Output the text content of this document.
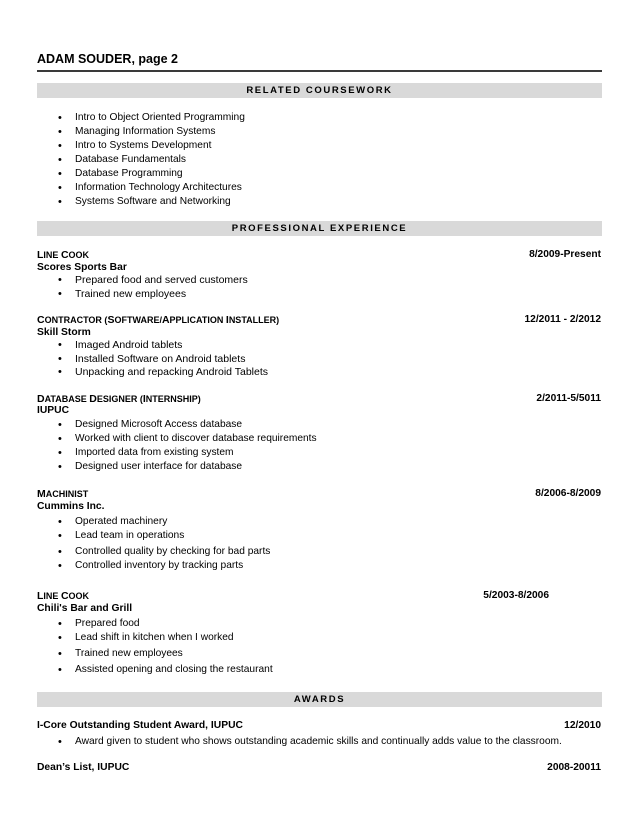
ADAM SOUDER, page 2
RELATED COURSEWORK
• Intro to Object Oriented Programming
• Managing Information Systems
• Intro to Systems Development
• Database Fundamentals
• Database Programming
• Information Technology Architectures
• Systems Software and Networking
PROFESSIONAL EXPERIENCE
LINE COOK	8/2009-Present
Scores Sports Bar
• Prepared food and served customers
• Trained new employees
CONTRACTOR (SOFTWARE/APPLICATION INSTALLER)	12/2011 - 2/2012
Skill Storm
• Imaged Android tablets
• Installed Software on Android tablets
• Unpacking and repacking Android Tablets
DATABASE DESIGNER (INTERNSHIP)	2/2011-5/5011
IUPUC
• Designed Microsoft Access database
• Worked with client to discover database requirements
• Imported data from existing system
• Designed user interface for database
MACHINIST	8/2006-8/2009
Cummins Inc.
• Operated machinery
• Lead team in operations
• Controlled quality by checking for bad parts
• Controlled inventory by tracking parts
LINE COOK	5/2003-8/2006
Chili's Bar and Grill
• Prepared food
• Lead shift in kitchen when I worked
• Trained new employees
• Assisted opening and closing the restaurant
AWARDS
I-Core Outstanding Student Award, IUPUC	12/2010
• Award given to student who shows outstanding academic skills and continually adds value to the classroom.
Dean’s List, IUPUC	2008-20011
